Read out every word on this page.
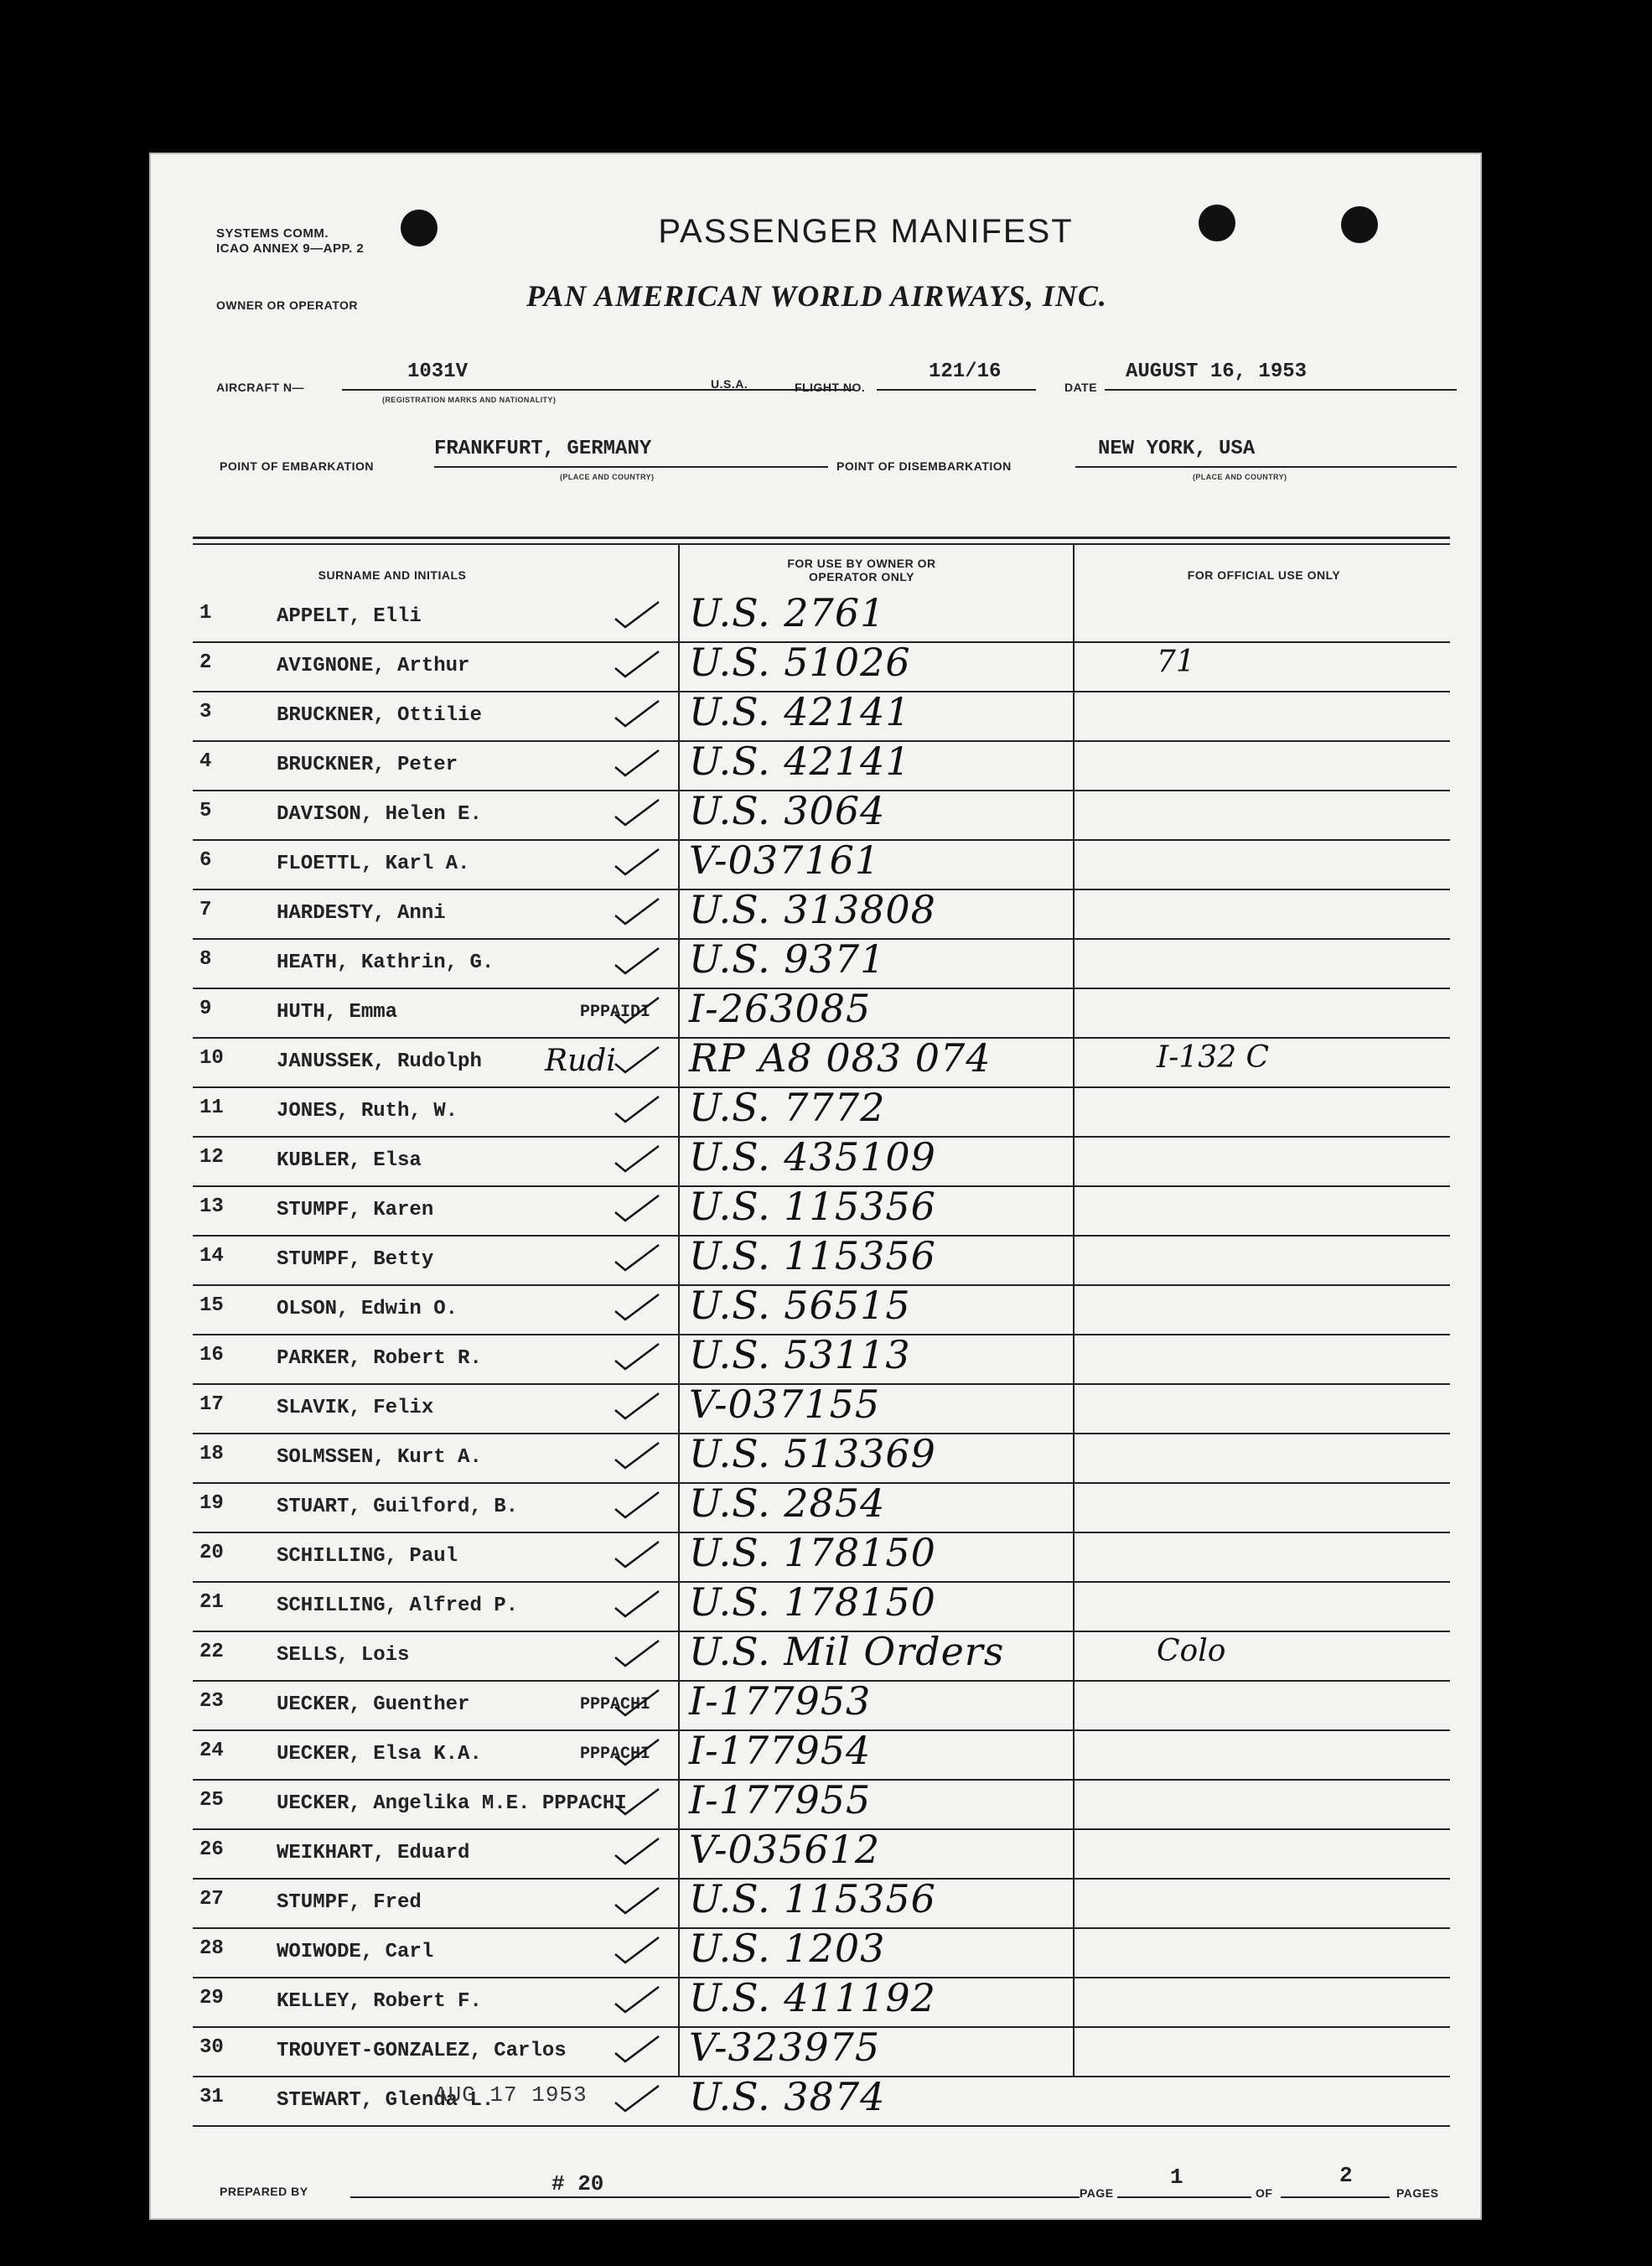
SYSTEMS COMM.
ICAO ANNEX 9—APP. 2	PASSENGER MANIFEST
OWNER OR OPERATOR	PAN AMERICAN WORLD AIRWAYS, INC.
AIRCRAFT N—
1031V
(REGISTRATION MARKS AND NATIONALITY)
U.S.A.	FLIGHT NO.
121/16
DATE
AUGUST 16, 1953
POINT OF EMBARKATION
FRANKFURT, GERMANY
(PLACE AND COUNTRY)
POINT OF DISEMBARKATION
NEW YORK, USA
(PLACE AND COUNTRY)
SURNAME AND INITIALS
FOR USE BY OWNER OR OPERATOR ONLY	FOR OFFICIAL USE ONLY
1	APPELT, Elli	U.S. 2761
2	AVIGNONE, Arthur	U.S. 51026	71
3	BRUCKNER, Ottilie	U.S. 42141
4	BRUCKNER, Peter	U.S. 42141
5	DAVISON, Helen E.	U.S. 3064
6	FLOETTL, Karl A.	V-037161
7	HARDESTY, Anni	U.S. 313808
8	HEATH, Kathrin, G.	U.S. 9371
9	HUTH, Emma	PPPAIDI I-263085
10	JANUSSEK, Rudolph Rudi RP A8 083 074	I-132 C
11	JONES, Ruth, W.	U.S. 7772
12	KUBLER, Elsa	U.S. 435109
13	STUMPF, Karen	U.S. 115356
14	STUMPF, Betty	U.S. 115356
15	OLSON, Edwin O.	U.S. 56515
16	PARKER, Robert R.	U.S. 53113
17	SLAVIK, Felix	V-037155
18	SOLMSSEN, Kurt A.	U.S. 513369
19	STUART, Guilford, B.	U.S. 2854
20	SCHILLING, Paul	U.S. 178150
21	SCHILLING, Alfred P.	U.S. 178150
22	SELLS, Lois	U.S. Mil Orders	Colo
23	UECKER, Guenther	PPPACHI I-177953
24	UECKER, Elsa K.A.	PPPACHI I-177954
25	UECKER, Angelika M.E. PPPACHI I-177955
26	WEIKHART, Eduard	V-035612
27	STUMPF, Fred	U.S. 115356
28	WOIWODE, Carl	U.S. 1203
29	KELLEY, Robert F.	U.S. 411192
30	TROUYET-GONZALEZ, Carlos	V-323975
31	STEWART, Glenda L.	U.S. 3874
AUG 17 1953
PREPARED BY	# 20	PAGE
1
OF
2
PAGES
